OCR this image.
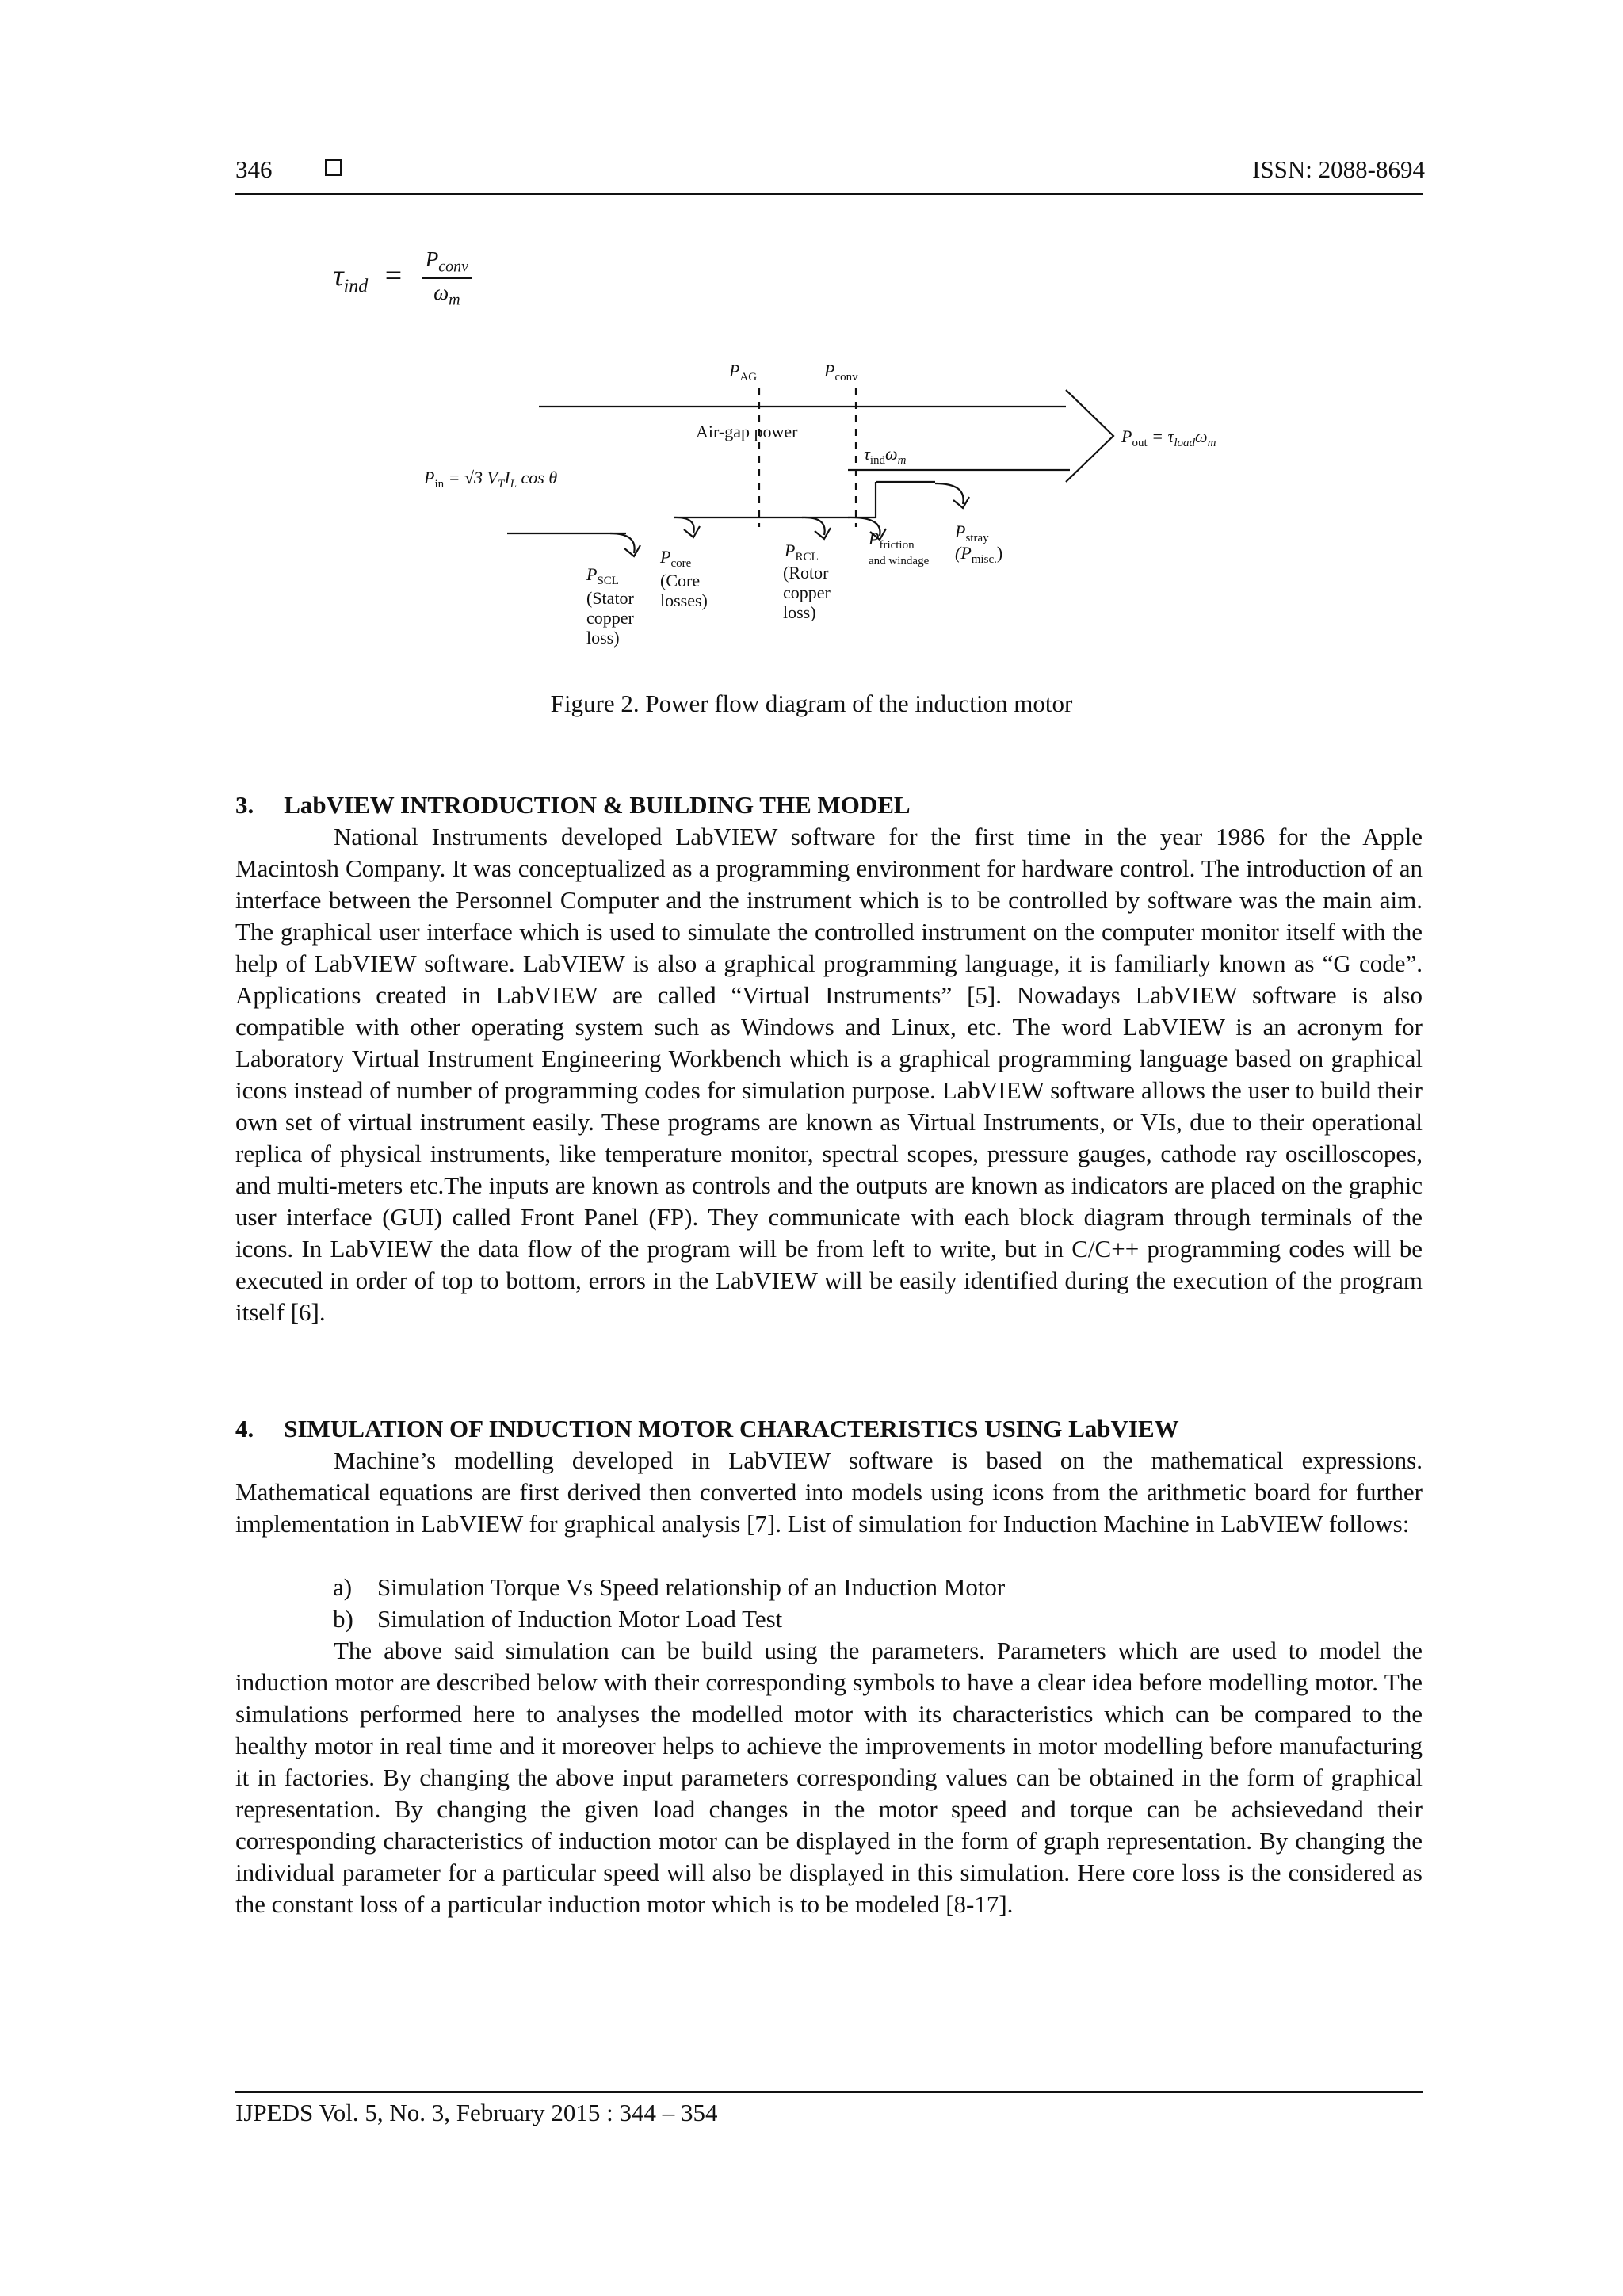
346	ISSN: 2088-8694
$\tau_{ind} = \frac{P_{conv}}{\omega_m}$
$P_{AG}$	$P_{conv}$
Air-gap power
$\tau_{ind}\omega_m$
$P_{out} = \tau_{load}\omega_m$
$P_{in} = √3$ $V_TI_L$ cos θ
$P_{SCL}$
(Stator
copper
loss)
$P_{core}$
(Core
losses)
$P_{RCL}$
(Rotor
copper
loss)
$P_{friction}$
and windage
$P_{stray}$
$(P_{misc.})$
Figure 2. Power flow diagram of the induction motor
3. LabVIEW INTRODUCTION & BUILDING THE MODEL

National Instruments developed LabVIEW software for the first time in the year 1986 for the Apple Macintosh Company. It was conceptualized as a programming environment for hardware control. The introduction of an interface between the Personnel Computer and the instrument which is to be controlled by software was the main aim. The graphical user interface which is used to simulate the controlled instrument on the computer monitor itself with the help of LabVIEW software. LabVIEW is also a graphical programming language, it is familiarly known as “G code”. Applications created in LabVIEW are called “Virtual Instruments” [5]. Nowadays LabVIEW software is also compatible with other operating system such as Windows and Linux, etc. The word LabVIEW is an acronym for Laboratory Virtual Instrument Engineering Workbench which is a graphical programming language based on graphical icons instead of number of programming codes for simulation purpose. LabVIEW software allows the user to build their own set of virtual instrument easily. These programs are known as Virtual Instruments, or VIs, due to their operational replica of physical instruments, like temperature monitor, spectral scopes, pressure gauges, cathode ray oscilloscopes, and multi-meters etc.The inputs are known as controls and the outputs are known as indicators are placed on the graphic user interface (GUI) called Front Panel (FP). They communicate with each block diagram through terminals of the icons. In LabVIEW the data flow of the program will be from left to write, but in C/C++ programming codes will be executed in order of top to bottom, errors in the LabVIEW will be easily identified during the execution of the program itself [6].

4. SIMULATION OF INDUCTION MOTOR CHARACTERISTICS USING LabVIEW

Machine’s modelling developed in LabVIEW software is based on the mathematical expressions. Mathematical equations are first derived then converted into models using icons from the arithmetic board for further implementation in LabVIEW for graphical analysis [7]. List of simulation for Induction Machine in LabVIEW follows:

a) Simulation Torque Vs Speed relationship of an Induction Motor
b) Simulation of Induction Motor Load Test

The above said simulation can be build using the parameters. Parameters which are used to model the induction motor are described below with their corresponding symbols to have a clear idea before modelling motor. The simulations performed here to analyses the modelled motor with its characteristics which can be compared to the healthy motor in real time and it moreover helps to achieve the improvements in motor modelling before manufacturing it in factories. By changing the above input parameters corresponding values can be obtained in the form of graphical representation. By changing the given load changes in the motor speed and torque can be achsievedand their corresponding characteristics of induction motor can be displayed in the form of graph representation. By changing the individual parameter for a particular speed will also be displayed in this simulation. Here core loss is the considered as the constant loss of a particular induction motor which is to be modeled [8-17].

IJPEDS Vol. 5, No. 3, February 2015 : 344 – 354
